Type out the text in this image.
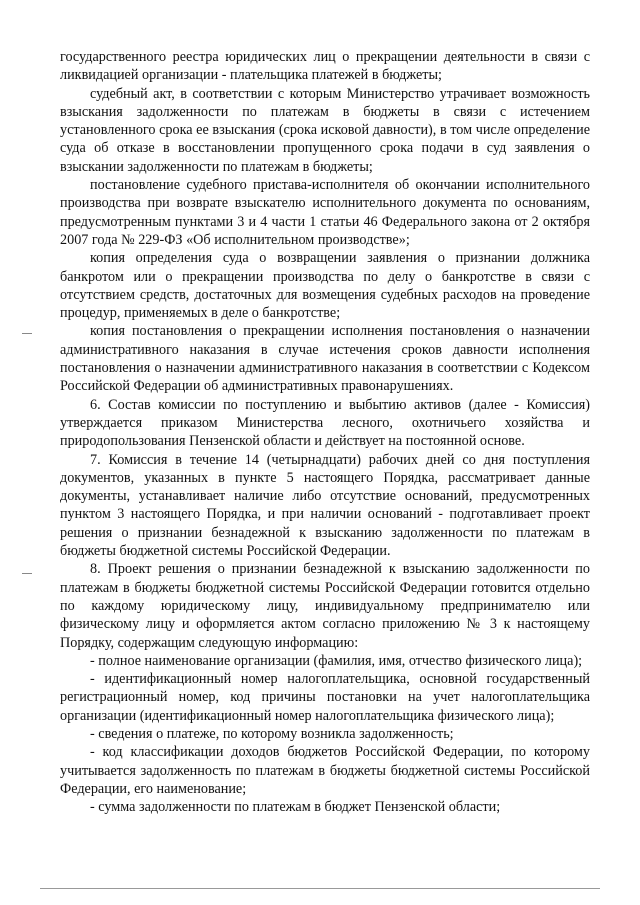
государственного реестра юридических лиц о прекращении деятельности в связи с ликвидацией организации - плательщика платежей в бюджеты;

судебный акт, в соответствии с которым Министерство утрачивает возможность взыскания задолженности по платежам в бюджеты в связи с истечением установленного срока ее взыскания (срока исковой давности), в том числе определение суда об отказе в восстановлении пропущенного срока подачи в суд заявления о взыскании задолженности по платежам в бюджеты;

постановление судебного пристава-исполнителя об окончании исполнительного производства при возврате взыскателю исполнительного документа по основаниям, предусмотренным пунктами 3 и 4 части 1 статьи 46 Федерального закона от 2 октября 2007 года № 229-ФЗ «Об исполнительном производстве»;

копия определения суда о возвращении заявления о признании должника банкротом или о прекращении производства по делу о банкротстве в связи с отсутствием средств, достаточных для возмещения судебных расходов на проведение процедур, применяемых в деле о банкротстве;

копия постановления о прекращении исполнения постановления о назначении административного наказания в случае истечения сроков давности исполнения постановления о назначении административного наказания в соответствии с Кодексом Российской Федерации об административных правонарушениях.

6. Состав комиссии по поступлению и выбытию активов (далее - Комиссия) утверждается приказом Министерства лесного, охотничьего хозяйства и природопользования Пензенской области и действует на постоянной основе.

7. Комиссия в течение 14 (четырнадцати) рабочих дней со дня поступления документов, указанных в пункте 5 настоящего Порядка, рассматривает данные документы, устанавливает наличие либо отсутствие оснований, предусмотренных пунктом 3 настоящего Порядка, и при наличии оснований - подготавливает проект решения о признании безнадежной к взысканию задолженности по платежам в бюджеты бюджетной системы Российской Федерации.

8. Проект решения о признании безнадежной к взысканию задолженности по платежам в бюджеты бюджетной системы Российской Федерации готовится отдельно по каждому юридическому лицу, индивидуальному предпринимателю или физическому лицу и оформляется актом согласно приложению № 3 к настоящему Порядку, содержащим следующую информацию:

- полное наименование организации (фамилия, имя, отчество физического лица);

- идентификационный номер налогоплательщика, основной государственный регистрационный номер, код причины постановки на учет налогоплательщика организации (идентификационный номер налогоплательщика физического лица);

- сведения о платеже, по которому возникла задолженность;

- код классификации доходов бюджетов Российской Федерации, по которому учитывается задолженность по платежам в бюджеты бюджетной системы Российской Федерации, его наименование;

- сумма задолженности по платежам в бюджет Пензенской области;
